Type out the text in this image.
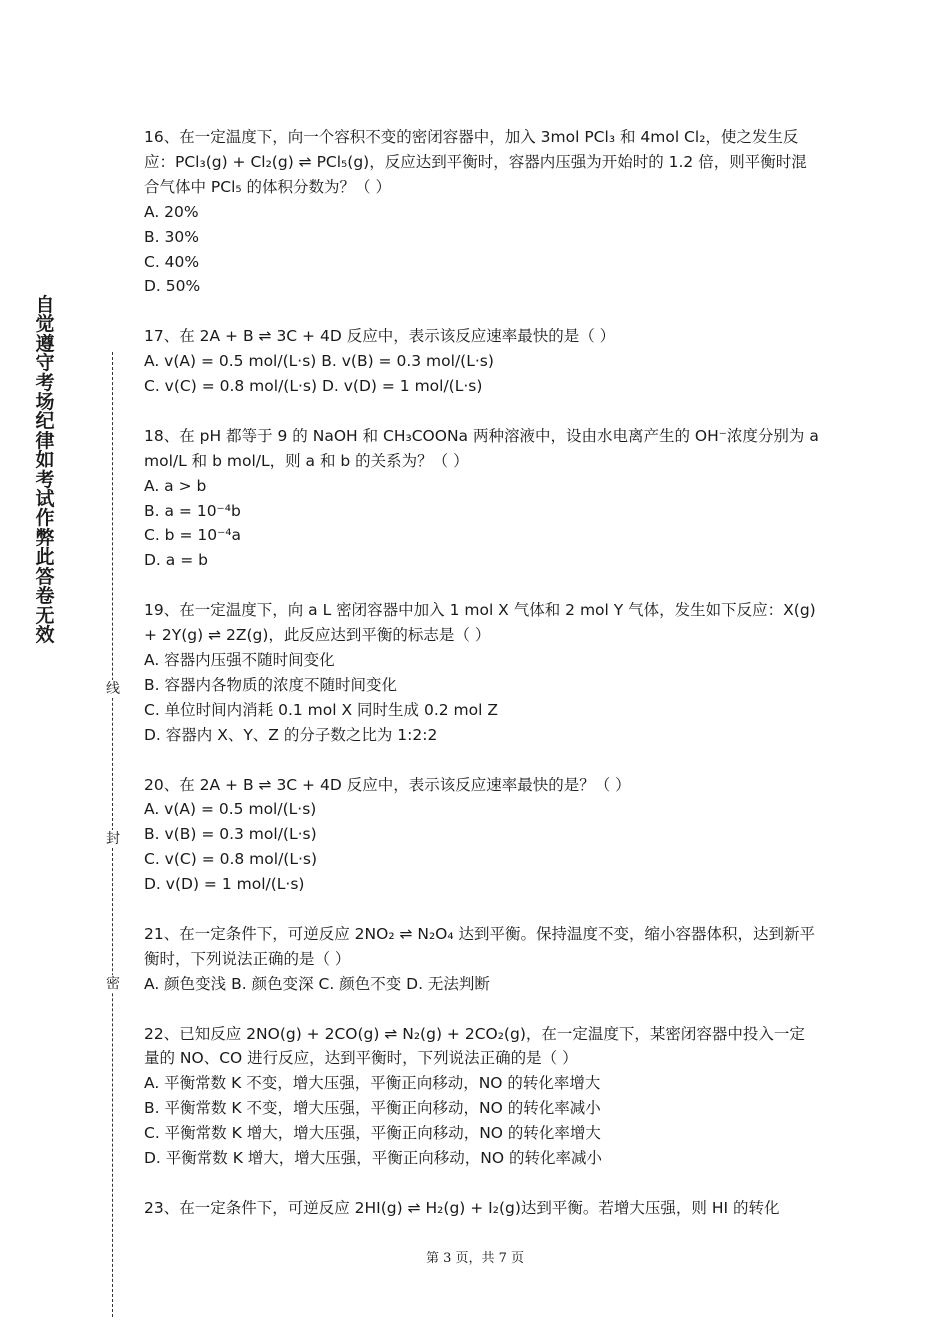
自觉遵守考场纪律如考试作弊此答卷无效
线
封
密
16、在一定温度下，向一个容积不变的密闭容器中，加入 3mol PCl₃ 和 4mol Cl₂，使之发生反应：PCl₃(g) + Cl₂(g) ⇌ PCl₅(g)，反应达到平衡时，容器内压强为开始时的 1.2 倍，则平衡时混合气体中 PCl₅ 的体积分数为？（ ）
A. 20%
B. 30%
C. 40%
D. 50%
17、在 2A + B ⇌ 3C + 4D 反应中，表示该反应速率最快的是（ ）
A. v(A) = 0.5 mol/(L·s) B. v(B) = 0.3 mol/(L·s)
C. v(C) = 0.8 mol/(L·s) D. v(D) = 1 mol/(L·s)
18、在 pH 都等于 9 的 NaOH 和 CH₃COONa 两种溶液中，设由水电离产生的 OH⁻浓度分别为 a mol/L 和 b mol/L，则 a 和 b 的关系为？（ ）
A. a > b
B. a = 10⁻⁴b
C. b = 10⁻⁴a
D. a = b
19、在一定温度下，向 a L 密闭容器中加入 1 mol X 气体和 2 mol Y 气体，发生如下反应：X(g) + 2Y(g) ⇌ 2Z(g)，此反应达到平衡的标志是（ ）
A. 容器内压强不随时间变化
B. 容器内各物质的浓度不随时间变化
C. 单位时间内消耗 0.1 mol X 同时生成 0.2 mol Z
D. 容器内 X、Y、Z 的分子数之比为 1:2:2
20、在 2A + B ⇌ 3C + 4D 反应中，表示该反应速率最快的是？（ ）
A. v(A) = 0.5 mol/(L·s)
B. v(B) = 0.3 mol/(L·s)
C. v(C) = 0.8 mol/(L·s)
D. v(D) = 1 mol/(L·s)
21、在一定条件下，可逆反应 2NO₂ ⇌ N₂O₄ 达到平衡。保持温度不变，缩小容器体积，达到新平衡时，下列说法正确的是（ ）
A. 颜色变浅 B. 颜色变深 C. 颜色不变 D. 无法判断
22、已知反应 2NO(g) + 2CO(g) ⇌ N₂(g) + 2CO₂(g)，在一定温度下，某密闭容器中投入一定量的 NO、CO 进行反应，达到平衡时，下列说法正确的是（ ）
A. 平衡常数 K 不变，增大压强，平衡正向移动，NO 的转化率增大
B. 平衡常数 K 不变，增大压强，平衡正向移动，NO 的转化率减小
C. 平衡常数 K 增大，增大压强，平衡正向移动，NO 的转化率增大
D. 平衡常数 K 增大，增大压强，平衡正向移动，NO 的转化率减小
23、在一定条件下，可逆反应 2HI(g) ⇌ H₂(g) + I₂(g)达到平衡。若增大压强，则 HI 的转化
第 3 页，共 7 页
